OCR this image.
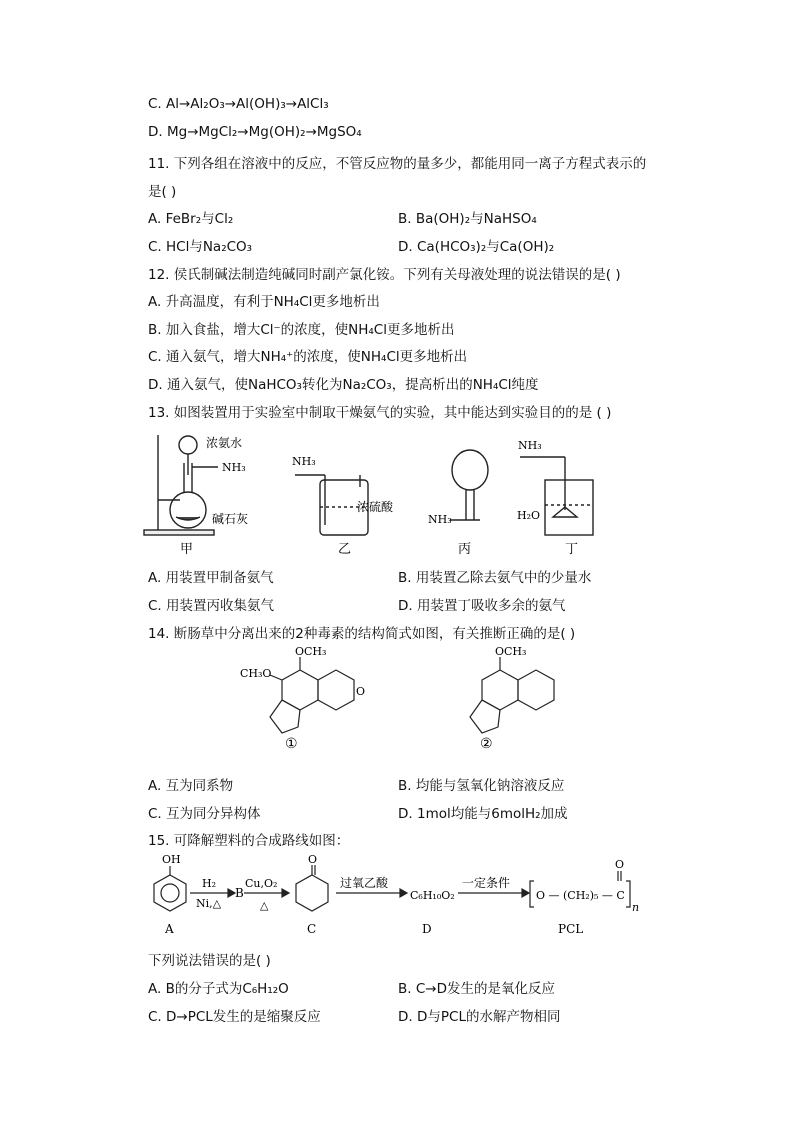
C. Al→Al₂O₃→Al(OH)₃→AlCl₃
D. Mg→MgCl₂→Mg(OH)₂→MgSO₄
11. 下列各组在溶液中的反应，不管反应物的量多少，都能用同一离子方程式表示的
是( )
A. FeBr₂与Cl₂	B. Ba(OH)₂与NaHSO₄
C. HCl与Na₂CO₃	D. Ca(HCO₃)₂与Ca(OH)₂
12. 侯氏制碱法制造纯碱同时副产氯化铵。下列有关母液处理的说法错误的是( )
A. 升高温度，有利于NH₄Cl更多地析出
B. 加入食盐，增大Cl⁻的浓度，使NH₄Cl更多地析出
C. 通入氨气，增大NH₄⁺的浓度，使NH₄Cl更多地析出
D. 通入氨气，使NaHCO₃转化为Na₂CO₃，提高析出的NH₄Cl纯度
13. 如图装置用于实验室中制取干燥氨气的实验，其中能达到实验目的的是 ( )
浓氨水
NH₃
碱石灰
甲
NH₃
浓硫酸
乙
NH₃
丙
NH₃
H₂O
丁
A. 用装置甲制备氨气	B. 用装置乙除去氨气中的少量水
C. 用装置丙收集氨气	D. 用装置丁吸收多余的氨气
14. 断肠草中分离出来的2种毒素的结构简式如图，有关推断正确的是( )
OCH₃
CH₃O
O
①
OCH₃
②
A. 互为同系物	B. 均能与氢氧化钠溶液反应
C. 互为同分异构体	D. 1mol均能与6molH₂加成
15. 可降解塑料的合成路线如图：
OH
H₂
Ni,△
B
Cu,O₂
△
O
过氧乙酸
C₆H₁₀O₂
一定条件
O — (CH₂)₅ — C
O
n
A	C	D	PCL
下列说法错误的是( )
A. B的分子式为C₆H₁₂O	B. C→D发生的是氧化反应
C. D→PCL发生的是缩聚反应	D. D与PCL的水解产物相同
